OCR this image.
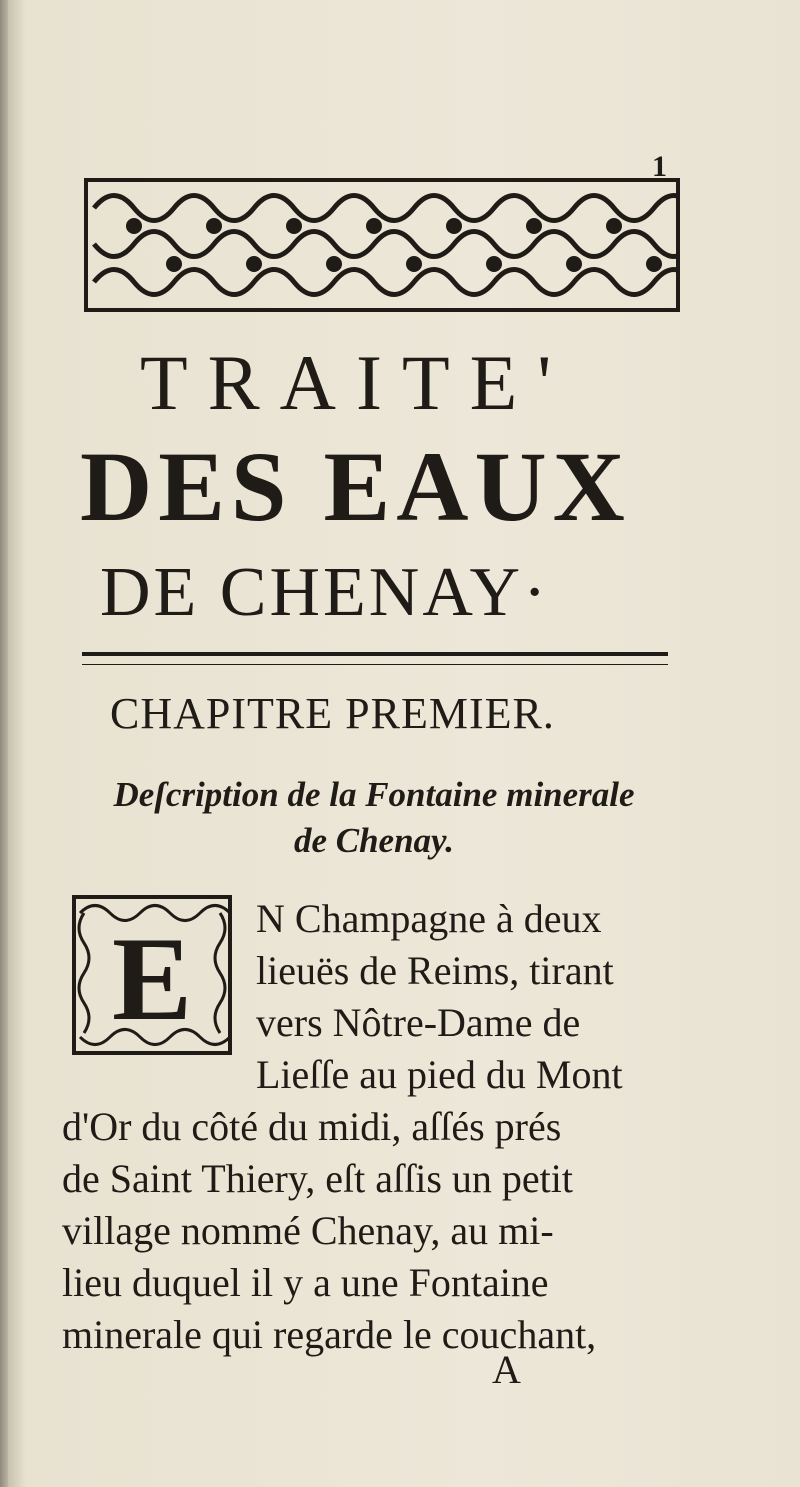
1
TRAITE'
DES EAUX
DE CHENAY·
CHAPITRE PREMIER.
Deſcription de la Fontaine minerale
de Chenay.
E N Champagne à deux
lieuës de Reims, tirant
vers Nôtre-Dame de
Lieſſe au pied du Mont
d'Or du côté du midi, aſſés prés
de Saint Thiery, eſt aſſis un petit
village nommé Chenay, au mi-
lieu duquel il y a une Fontaine
minerale qui regarde le couchant,
A
